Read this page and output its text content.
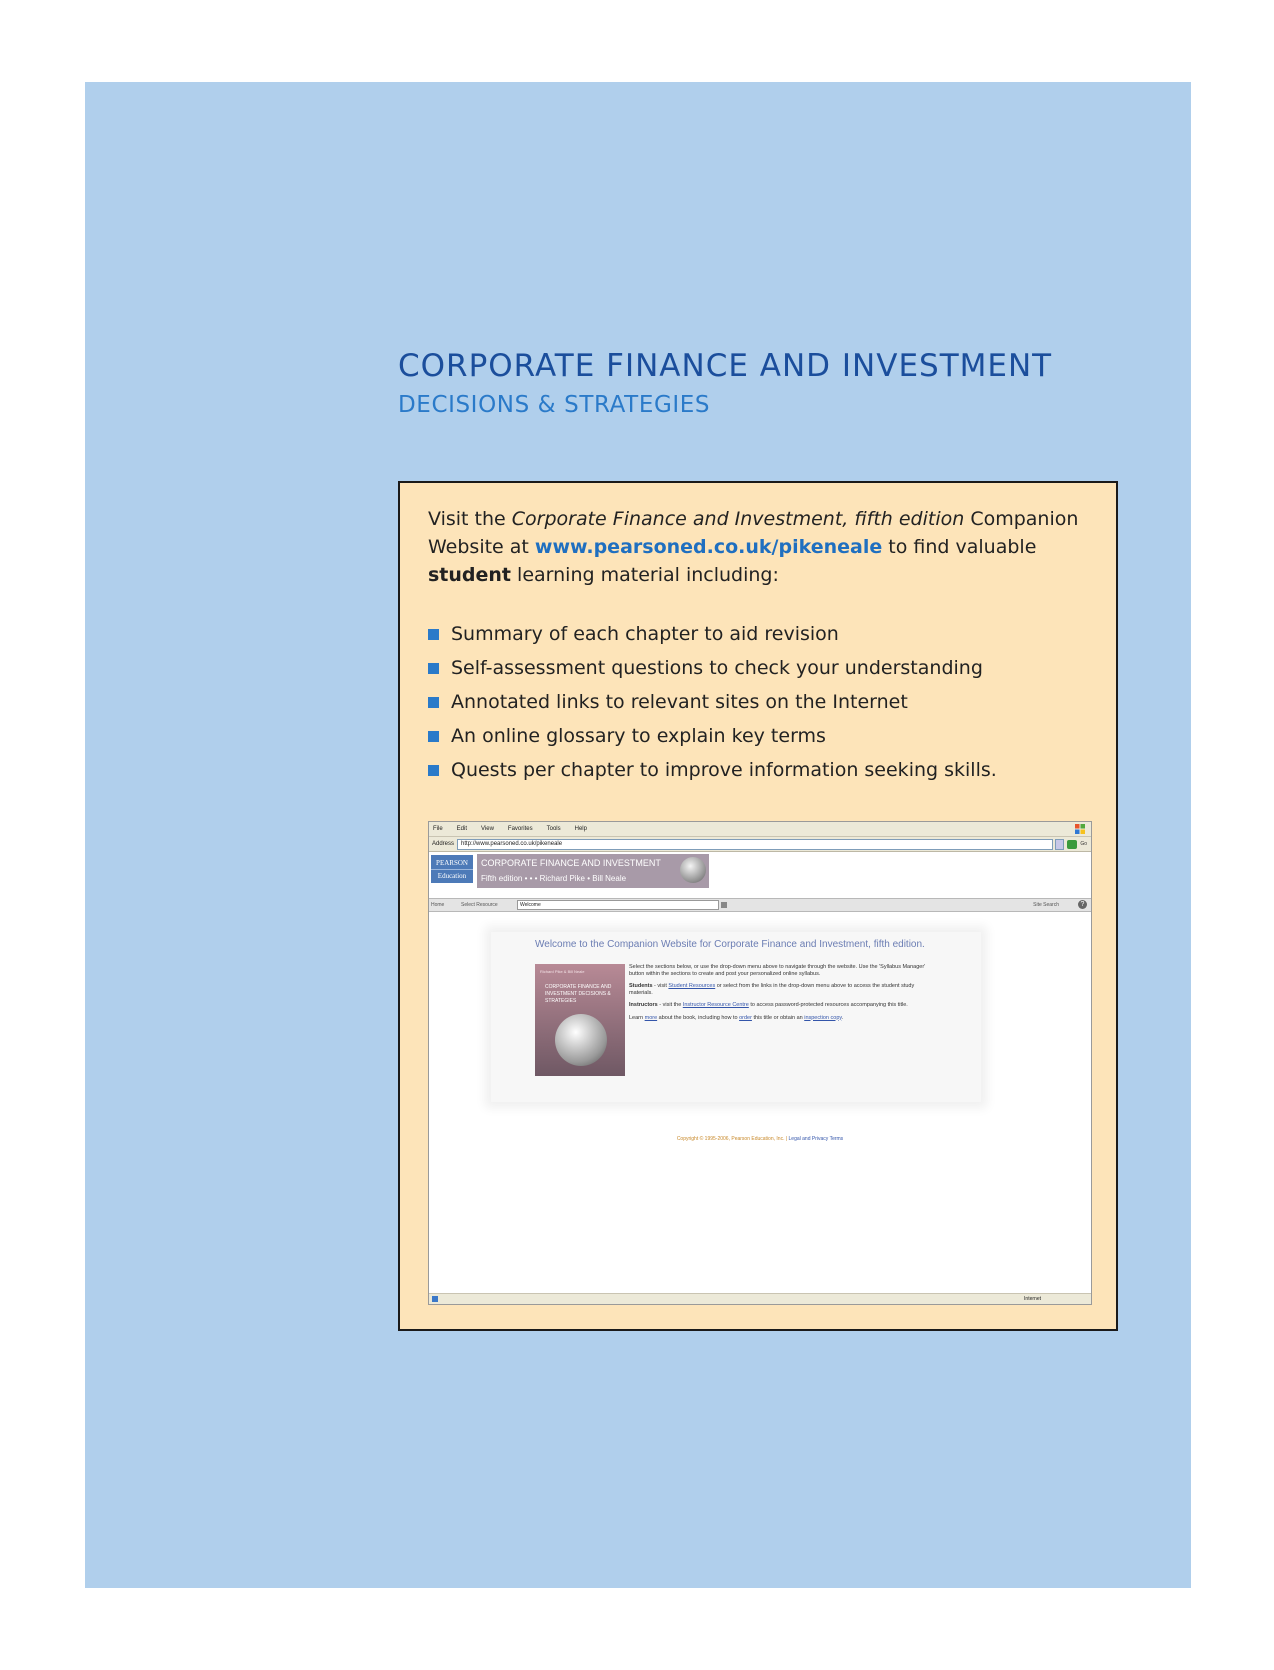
CORPORATE FINANCE AND INVESTMENT
DECISIONS & STRATEGIES

Visit the Corporate Finance and Investment, fifth edition Companion Website at www.pearsoned.co.uk/pikeneale to find valuable student learning material including:

Summary of each chapter to aid revision
Self-assessment questions to check your understanding
Annotated links to relevant sites on the Internet
An online glossary to explain key terms
Quests per chapter to improve information seeking skills.
File Edit View Favorites Tools Help
Address	http://www.pearsoned.co.uk/pikeneale	Go
PEARSON
Education
CORPORATE FINANCE AND INVESTMENT
Fifth edition • • • Richard Pike • Bill Neale
Home	Select Resource	Welcome	Site Search	?
Welcome to the Companion Website for Corporate Finance and Investment, fifth edition.
Richard Pike & Bill Neale
CORPORATE FINANCE AND INVESTMENT DECISIONS & STRATEGIES

Select the sections below, or use the drop-down menu above to navigate through the website. Use the 'Syllabus Manager' button within the sections to create and post your personalized online syllabus.

Students - visit Student Resources or select from the links in the drop-down menu above to access the student study materials.

Instructors - visit the Instructor Resource Centre to access password-protected resources accompanying this title.

Learn more about the book, including how to order this title or obtain an inspection copy.

Copyright © 1995-2006, Pearson Education, Inc. | Legal and Privacy Terms
Internet
